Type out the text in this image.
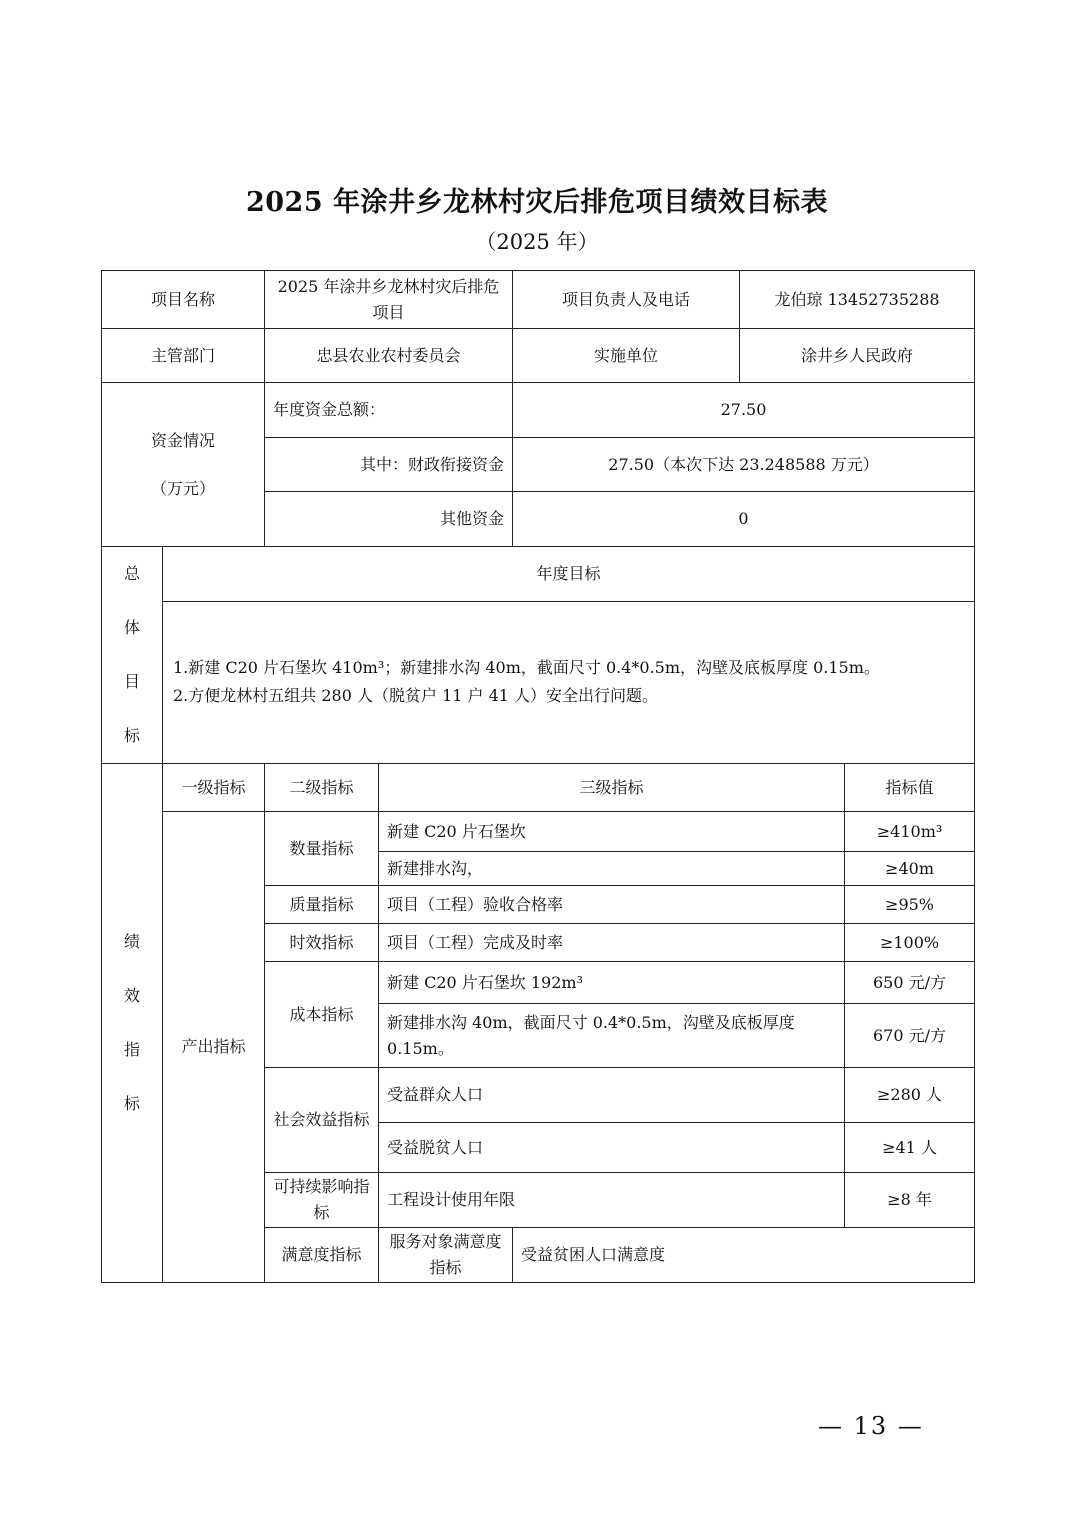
2025 年涂井乡龙林村灾后排危项目绩效目标表
（2025 年）
项目名称		2025 年涂井乡龙林村灾后排危项目		项目负责人及电话	龙伯琼 13452735288		
主管部门		忠县农业农村委员会		实施单位	涂井乡人民政府		

资金情况
（万元）		年度资金总额：		27.50			
		其中：财政衔接资金		27.50（本次下达 23.248588 万元）			
		其他资金		0			

总
体
目
标	年度目标						

	1.新建 C20 片石堡坎 410m³；新建排水沟 40m，截面尺寸 0.4*0.5m，沟壁及底板厚度 0.15m。
2.方便龙林村五组共 280 人（脱贫户 11 户 41 人）安全出行问题。						

绩
效
指
标	一级指标	二级指标	三级指标			指标值	
	产出指标	数量指标	新建 C20 片石堡坎			≥410m³	
			新建排水沟，			≥40m	
		质量指标	项目（工程）验收合格率			≥95%	
		时效指标	项目（工程）完成及时率			≥100%	
		成本指标	新建 C20 片石堡坎 192m³			650 元/方	
			新建排水沟 40m，截面尺寸 0.4*0.5m，沟壁及底板厚度 0.15m。			670 元/方	
		社会效益指标	受益群众人口			≥280 人	
			受益脱贫人口			≥41 人	
		可持续影响指标	工程设计使用年限			≥8 年	
		满意度指标	服务对象满意度指标	受益贫困人口满意度	
— 13 —
